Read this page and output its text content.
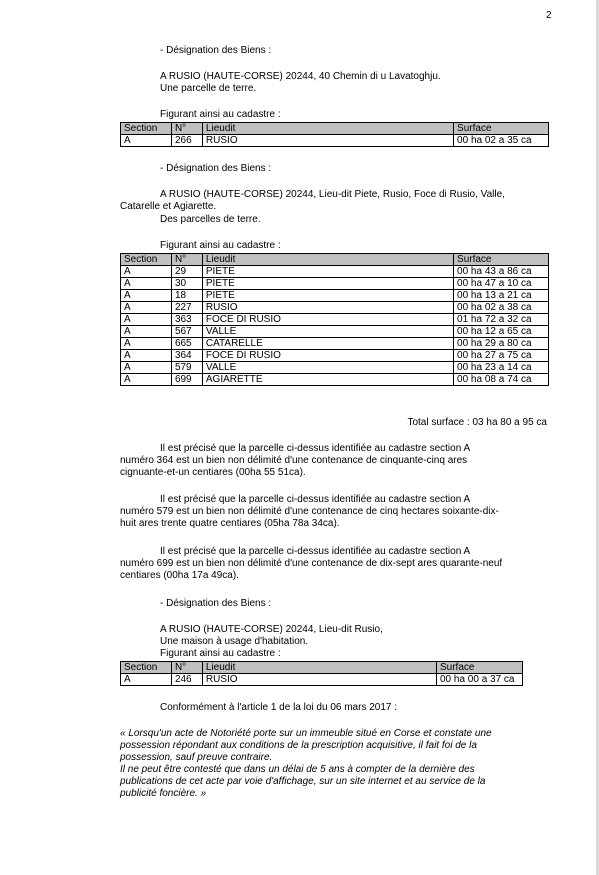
2
- Désignation des Biens :
A RUSIO (HAUTE-CORSE) 20244, 40 Chemin di u Lavatoghju.
Une parcelle de terre.
Figurant ainsi au cadastre :
Section	N°	Lieudit	Surface
A	266	RUSIO	00 ha 02 a 35 ca
- Désignation des Biens :
A RUSIO (HAUTE-CORSE) 20244, Lieu-dit Piete, Rusio, Foce di Rusio, Valle,
Catarelle et Agiarette.
Des parcelles de terre.
Figurant ainsi au cadastre :
Section	N°	Lieudit	Surface
A	29	PIETE	00 ha 43 a 86 ca
A	30	PIETE	00 ha 47 a 10 ca
A	18	PIETE	00 ha 13 a 21 ca
A	227	RUSIO	00 ha 02 a 38 ca
A	363	FOCE DI RUSIO	01 ha 72 a 32 ca
A	567	VALLE	00 ha 12 a 65 ca
A	665	CATARELLE	00 ha 29 a 80 ca
A	364	FOCE DI RUSIO	00 ha 27 a 75 ca
A	579	VALLE	00 ha 23 a 14 ca
A	699	AGIARETTE	00 ha 08 a 74 ca
Total surface : 03 ha 80 a 95 ca
Il est précisé que la parcelle ci-dessus identifiée au cadastre section A
numéro 364 est un bien non délimité d'une contenance de cinquante-cinq ares
cignuante-et-un centiares (00ha 55 51ca).
Il est précisé que la parcelle ci-dessus identifiée au cadastre section A
numéro 579 est un bien non délimité d'une contenance de cinq hectares soixante-dix-
huit ares trente quatre centiares (05ha 78a 34ca).
Il est précisé que la parcelle ci-dessus identifiée au cadastre section A
numéro 699 est un bien non délimité d'une contenance de dix-sept ares quarante-neuf
centiares (00ha 17a 49ca).
- Désignation des Biens :
A RUSIO (HAUTE-CORSE) 20244, Lieu-dit Rusio,
Une maison à usage d'habitation.
Figurant ainsi au cadastre :
Section	N°	Lieudit	Surface
A	246	RUSIO	00 ha 00 a 37 ca
Conformément à l'article 1 de la loi du 06 mars 2017 :
« Lorsqu'un acte de Notoriété porte sur un immeuble situé en Corse et constate une
possession répondant aux conditions de la prescription acquisitive, il fait foi de la
possession, sauf preuve contraire.
Il ne peut être contesté que dans un délai de 5 ans à compter de la dernière des
publications de cet acte par voie d'affichage, sur un site internet et au service de la
publicité foncière. »
